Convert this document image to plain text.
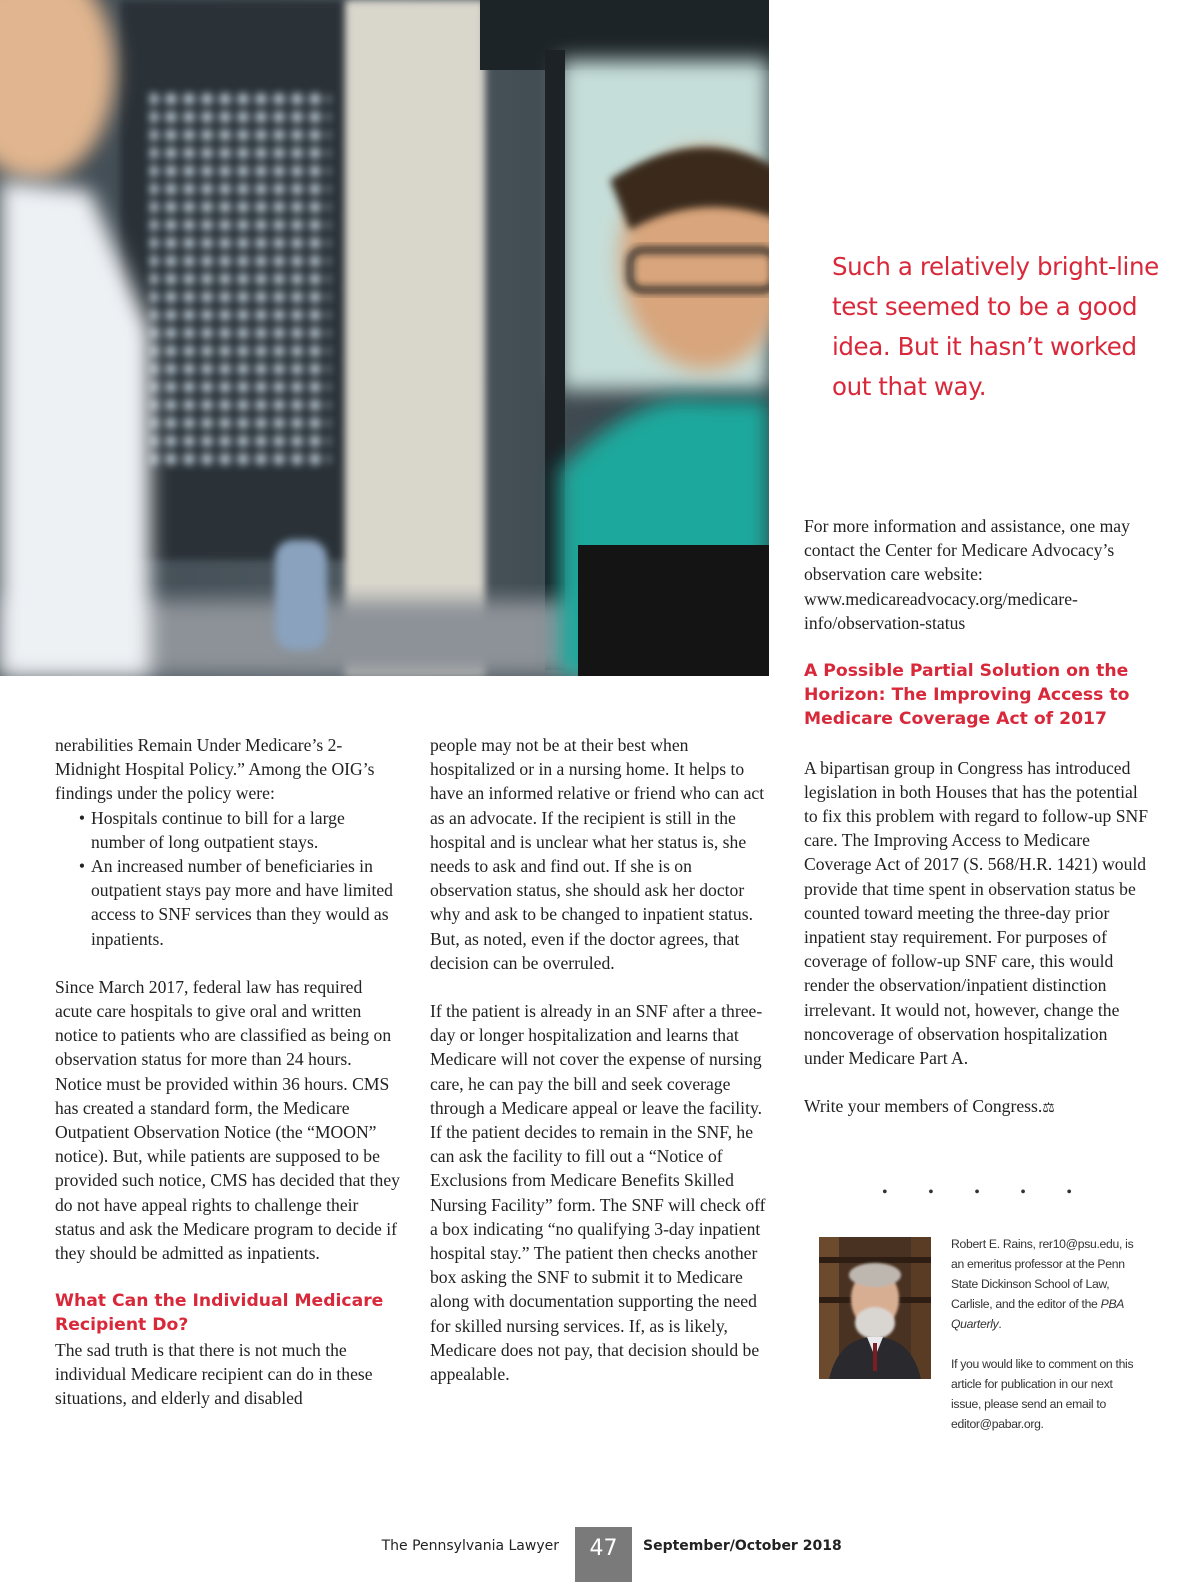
Such a relatively bright-line test seemed to be a good idea. But it hasn’t worked out that way.

nerabilities Remain Under Medicare’s 2-Midnight Hospital Policy.” Among the OIG’s findings under the policy were:

• Hospitals continue to bill for a large number of long outpatient stays.

• An increased number of beneficiaries in outpatient stays pay more and have limited access to SNF services than they would as inpatients.

Since March 2017, federal law has required acute care hospitals to give oral and written notice to patients who are classified as being on observation status for more than 24 hours. Notice must be provided within 36 hours. CMS has created a standard form, the Medicare Outpatient Observation Notice (the “MOON” notice). But, while patients are supposed to be provided such notice, CMS has decided that they do not have appeal rights to challenge their status and ask the Medicare program to decide if they should be admitted as inpatients.

What Can the Individual Medicare Recipient Do?

The sad truth is that there is not much the individual Medicare recipient can do in these situations, and elderly and disabled

people may not be at their best when hospitalized or in a nursing home. It helps to have an informed relative or friend who can act as an advocate. If the recipient is still in the hospital and is unclear what her status is, she needs to ask and find out. If she is on observation status, she should ask her doctor why and ask to be changed to inpatient status. But, as noted, even if the doctor agrees, that decision can be overruled.

If the patient is already in an SNF after a three-day or longer hospitalization and learns that Medicare will not cover the expense of nursing care, he can pay the bill and seek coverage through a Medicare appeal or leave the facility. If the patient decides to remain in the SNF, he can ask the facility to fill out a “Notice of Exclusions from Medicare Benefits Skilled Nursing Facility” form. The SNF will check off a box indicating “no qualifying 3-day inpatient hospital stay.” The patient then checks another box asking the SNF to submit it to Medicare along with documentation supporting the need for skilled nursing services. If, as is likely, Medicare does not pay, that decision should be appealable.

For more information and assistance, one may contact the Center for Medicare Advocacy’s observation care website: www.medicareadvocacy.org/medicare-info/observation-status

A Possible Partial Solution on the Horizon: The Improving Access to Medicare Coverage Act of 2017

A bipartisan group in Congress has introduced legislation in both Houses that has the potential to fix this problem with regard to follow-up SNF care. The Improving Access to Medicare Coverage Act of 2017 (S. 568/H.R. 1421) would provide that time spent in observation status be counted toward meeting the three-day prior inpatient stay requirement. For purposes of coverage of follow-up SNF care, this would render the observation/inpatient distinction irrelevant. It would not, however, change the noncoverage of observation hospitalization under Medicare Part A.

Write your members of Congress.⚖

•	•	•	•	•

Robert E. Rains, rer10@psu.edu, is an emeritus professor at the Penn State Dickinson School of Law, Carlisle, and the editor of the PBA Quarterly.

If you would like to comment on this article for publication in our next issue, please send an email to editor@pabar.org.

The Pennsylvania Lawyer	47	September/October 2018
